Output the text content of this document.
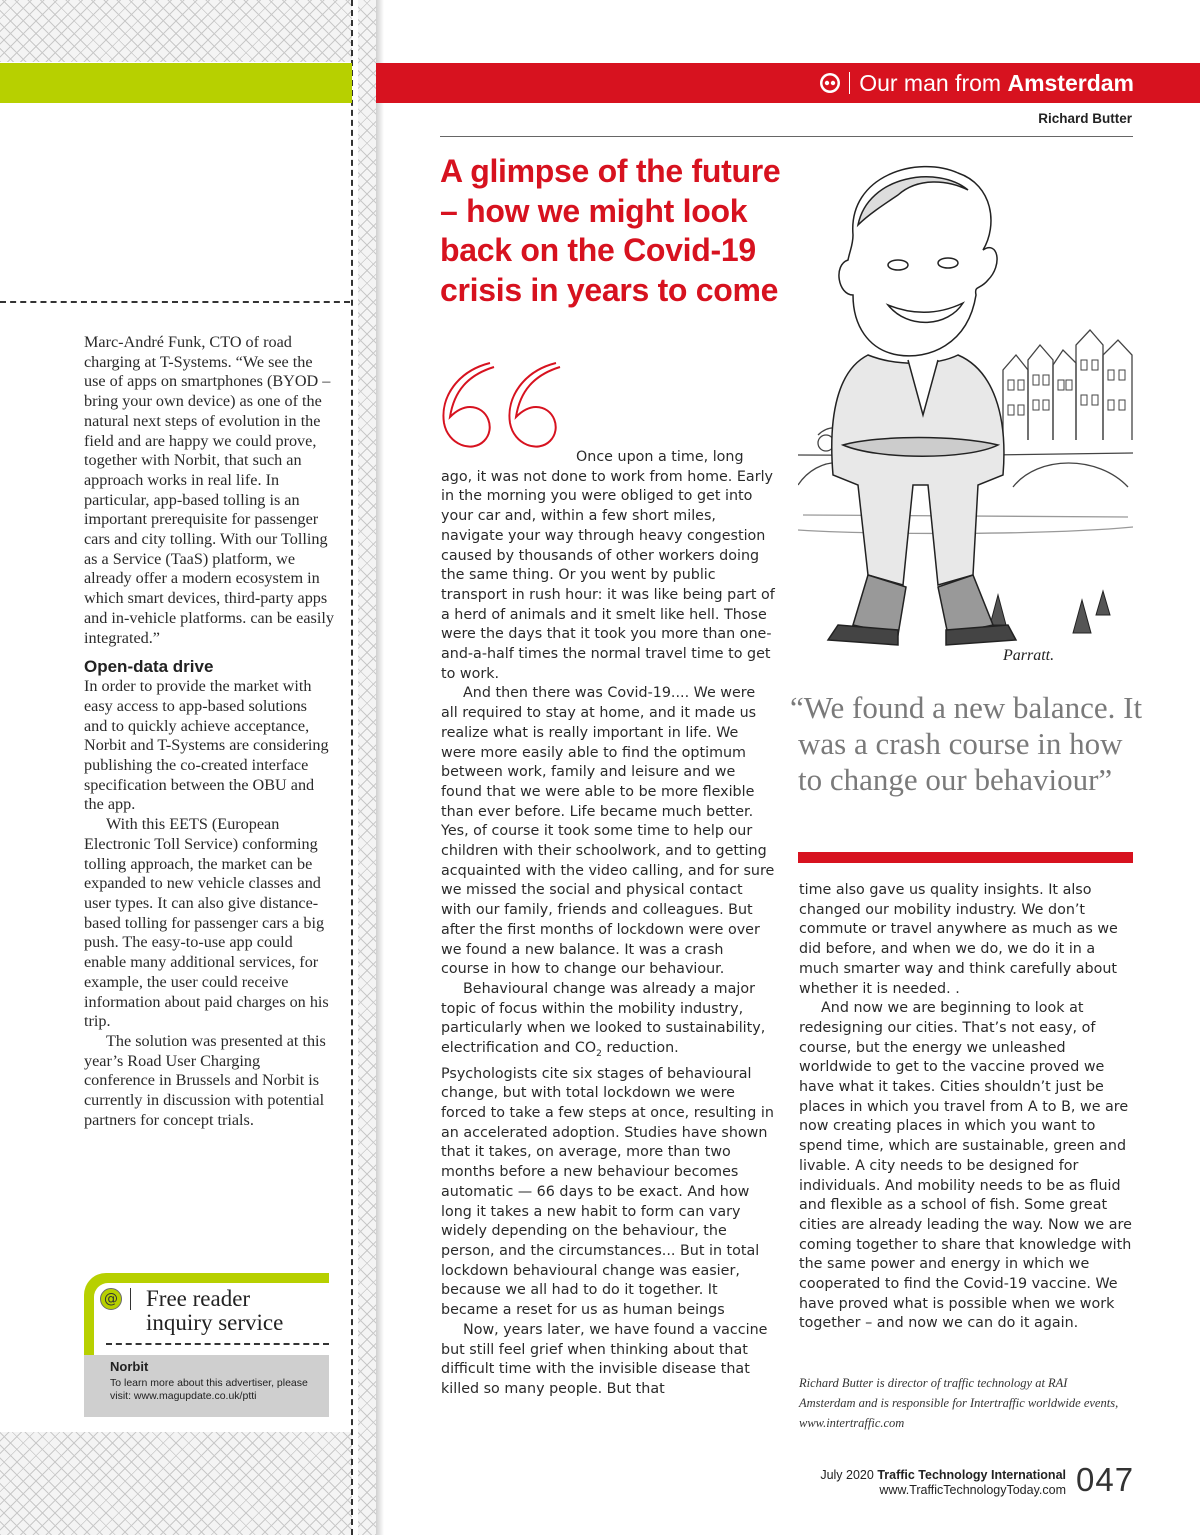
Our man from
Amsterdam
Richard Butter
A glimpse of the future – how we might look back on the Covid-19 crisis in years to come

Marc-André Funk, CTO of road charging at T-Systems. “We see the use of apps on smartphones (BYOD – bring your own device) as one of the natural next steps of evolution in the field and are happy we could prove, together with Norbit, that such an approach works in real life. In particular, app-based tolling is an important prerequisite for passenger cars and city tolling. With our Tolling as a Service (TaaS) platform, we already offer a modern ecosystem in which smart devices, third-party apps and in-vehicle platforms. can be easily integrated.”

Open-data drive

In order to provide the market with easy access to app-based solutions and to quickly achieve acceptance, Norbit and T-Systems are considering publishing the co-created interface specification between the OBU and the app.

With this EETS (European Electronic Toll Service) conforming tolling approach, the market can be expanded to new vehicle classes and user types. It can also give distance-based tolling for passenger cars a big push. The easy-to-use app could enable many additional services, for example, the user could receive information about paid charges on his trip.

The solution was presented at this year’s Road User Charging conference in Brussels and Norbit is currently in discussion with potential partners for concept trials.

@ Free reader
inquiry service
Norbit
To learn more about this advertiser, please visit: www.magupdate.co.uk/ptti

Once upon a time, long ago, it was not done to work from home. Early in the morning you were obliged to get into your car and, within a few short miles, navigate your way through heavy congestion caused by thousands of other workers doing the same thing. Or you went by public transport in rush hour: it was like being part of a herd of animals and it smelt like hell. Those were the days that it took you more than one-and-a-half times the normal travel time to get to work.

And then there was Covid-19.... We were all required to stay at home, and it made us realize what is really important in life. We were more easily able to find the optimum between work, family and leisure and we found that we were able to be more flexible than ever before. Life became much better. Yes, of course it took some time to help our children with their schoolwork, and to getting acquainted with the video calling, and for sure we missed the social and physical contact with our family, friends and colleagues. But after the first months of lockdown were over we found a new balance. It was a crash course in how to change our behaviour.

Behavioural change was already a major topic of focus within the mobility industry, particularly when we looked to sustainability, electrification and $CO_2$ reduction. Psychologists cite six stages of behavioural change, but with total lockdown we were forced to take a few steps at once, resulting in an accelerated adoption. Studies have shown that it takes, on average, more than two months before a new behaviour becomes automatic — 66 days to be exact. And how long it takes a new habit to form can vary widely depending on the behaviour, the person, and the circumstances... But in total lockdown behavioural change was easier, because we all had to do it together. It became a reset for us as human beings

Now, years later, we have found a vaccine but still feel grief when thinking about that difficult time with the invisible disease that killed so many people. But that

Parratt.
“We found a new balance. It was a crash course in how to change our behaviour”

time also gave us quality insights. It also changed our mobility industry. We don’t commute or travel anywhere as much as we did before, and when we do, we do it in a much smarter way and think carefully about whether it is needed. .

And now we are beginning to look at redesigning our cities. That’s not easy, of course, but the energy we unleashed worldwide to get to the vaccine proved we have what it takes. Cities shouldn’t just be places in which you travel from A to B, we are now creating places in which you want to spend time, which are sustainable, green and livable. A city needs to be designed for individuals. And mobility needs to be as fluid and flexible as a school of fish. Some great cities are already leading the way. Now we are coming together to share that knowledge with the same power and energy in which we cooperated to find the Covid-19 vaccine. We have proved what is possible when we work together – and now we can do it again.

Richard Butter is director of traffic technology at RAI Amsterdam and is responsible for Intertraffic worldwide events, www.intertraffic.com
July 2020 Traffic Technology International
www.TrafficTechnologyToday.com 047
